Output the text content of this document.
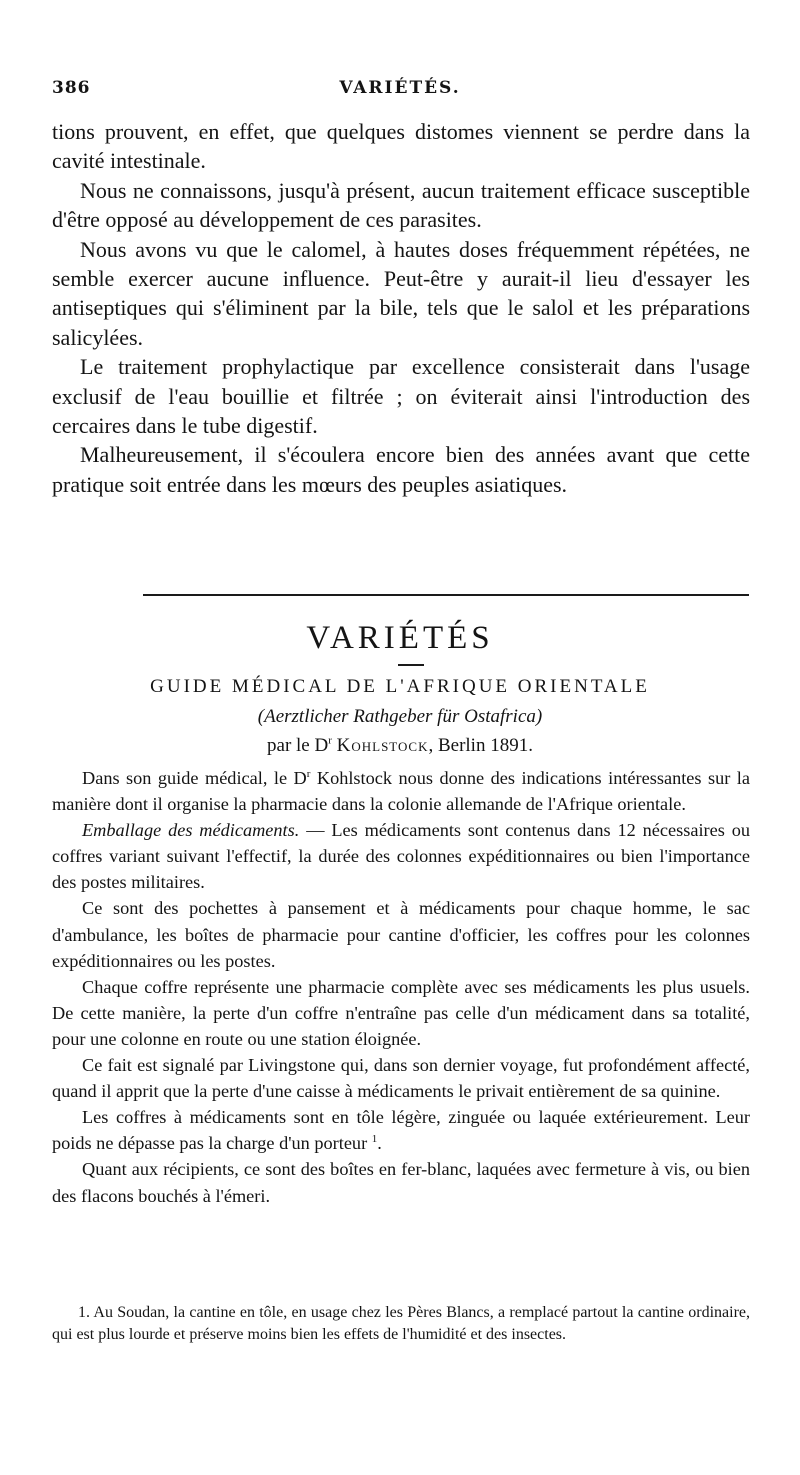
386	VARIÉTÉS.

tions prouvent, en effet, que quelques distomes viennent se perdre dans la cavité intestinale.

Nous ne connaissons, jusqu'à présent, aucun traitement efficace susceptible d'être opposé au développement de ces parasites.

Nous avons vu que le calomel, à hautes doses fréquemment répétées, ne semble exercer aucune influence. Peut-être y aurait-il lieu d'essayer les antiseptiques qui s'éliminent par la bile, tels que le salol et les préparations salicylées.

Le traitement prophylactique par excellence consisterait dans l'usage exclusif de l'eau bouillie et filtrée ; on éviterait ainsi l'introduction des cercaires dans le tube digestif.

Malheureusement, il s'écoulera encore bien des années avant que cette pratique soit entrée dans les mœurs des peuples asiatiques.

VARIÉTÉS
GUIDE MÉDICAL DE L'AFRIQUE ORIENTALE
(Aerztlicher Rathgeber für Ostafrica)
par le $D^r$ Kohlstock, Berlin 1891.

Dans son guide médical, le $D^r$ Kohlstock nous donne des indications intéressantes sur la manière dont il organise la pharmacie dans la colonie allemande de l'Afrique orientale.

Emballage des médicaments. — Les médicaments sont contenus dans 12 nécessaires ou coffres variant suivant l'effectif, la durée des colonnes expéditionnaires ou bien l'importance des postes militaires.

Ce sont des pochettes à pansement et à médicaments pour chaque homme, le sac d'ambulance, les boîtes de pharmacie pour cantine d'officier, les coffres pour les colonnes expéditionnaires ou les postes.

Chaque coffre représente une pharmacie complète avec ses médicaments les plus usuels. De cette manière, la perte d'un coffre n'entraîne pas celle d'un médicament dans sa totalité, pour une colonne en route ou une station éloignée.

Ce fait est signalé par Livingstone qui, dans son dernier voyage, fut profondément affecté, quand il apprit que la perte d'une caisse à médicaments le privait entièrement de sa quinine.

Les coffres à médicaments sont en tôle légère, zinguée ou laquée extérieurement. Leur poids ne dépasse pas la charge d'un porteur $^1$.

Quant aux récipients, ce sont des boîtes en fer-blanc, laquées avec fermeture à vis, ou bien des flacons bouchés à l'émeri.

1. Au Soudan, la cantine en tôle, en usage chez les Pères Blancs, a remplacé partout la cantine ordinaire, qui est plus lourde et préserve moins bien les effets de l'humidité et des insectes.
